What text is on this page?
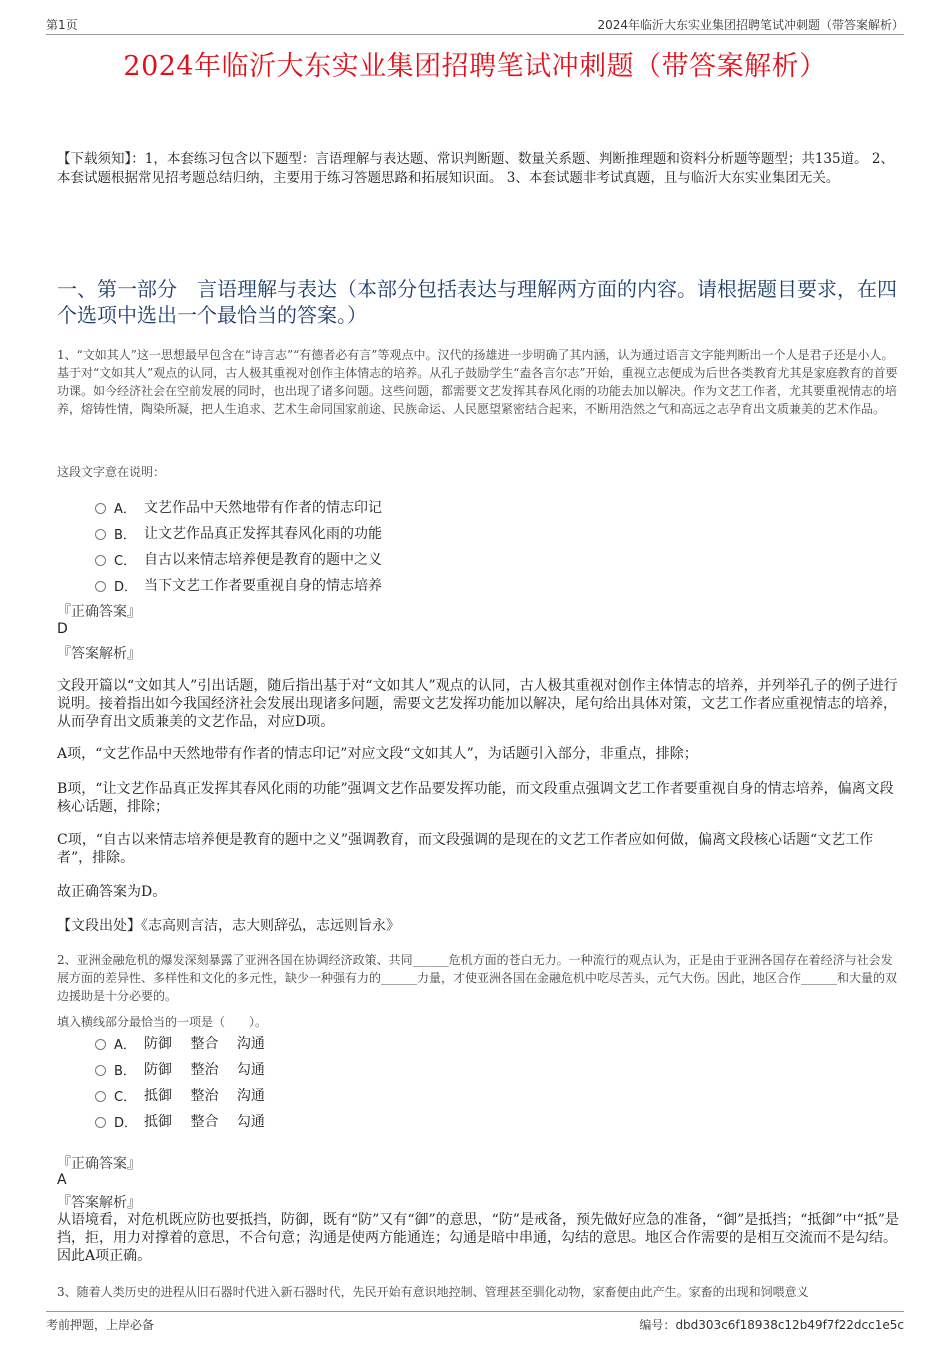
第1页	2024年临沂大东实业集团招聘笔试冲刺题（带答案解析）
2024年临沂大东实业集团招聘笔试冲刺题（带答案解析）
【下载须知】：1，本套练习包含以下题型：言语理解与表达题、常识判断题、数量关系题、判断推理题和资料分析题等题型；共135道。 2、本套试题根据常见招考题总结归纳，主要用于练习答题思路和拓展知识面。 3、本套试题非考试真题，且与临沂大东实业集团无关。
一、第一部分　言语理解与表达（本部分包括表达与理解两方面的内容。请根据题目要求，在四个选项中选出一个最恰当的答案。）
1、“文如其人”这一思想最早包含在“诗言志”“有德者必有言”等观点中。汉代的扬雄进一步明确了其内涵，认为通过语言文字能判断出一个人是君子还是小人。基于对“文如其人”观点的认同，古人极其重视对创作主体情志的培养。从孔子鼓励学生“盍各言尔志”开始，重视立志便成为后世各类教育尤其是家庭教育的首要功课。如今经济社会在空前发展的同时，也出现了诸多问题。这些问题，都需要文艺发挥其春风化雨的功能去加以解决。作为文艺工作者，尤其要重视情志的培养，熔铸性情，陶染所凝，把人生追求、艺术生命同国家前途、民族命运、人民愿望紧密结合起来，不断用浩然之气和高远之志孕育出文质兼美的艺术作品。
这段文字意在说明：
A． 文艺作品中天然地带有作者的情志印记
B． 让文艺作品真正发挥其春风化雨的功能
C． 自古以来情志培养便是教育的题中之义
D． 当下文艺工作者要重视自身的情志培养
『正确答案』
D
『答案解析』
文段开篇以“文如其人”引出话题，随后指出基于对“文如其人”观点的认同，古人极其重视对创作主体情志的培养，并列举孔子的例子进行说明。接着指出如今我国经济社会发展出现诸多问题，需要文艺发挥功能加以解决，尾句给出具体对策，文艺工作者应重视情志的培养，从而孕育出文质兼美的文艺作品，对应D项。
A项，“文艺作品中天然地带有作者的情志印记”对应文段“文如其人”，为话题引入部分，非重点，排除；
B项，“让文艺作品真正发挥其春风化雨的功能”强调文艺作品要发挥功能，而文段重点强调文艺工作者要重视自身的情志培养，偏离文段核心话题，排除；
C项，“自古以来情志培养便是教育的题中之义”强调教育，而文段强调的是现在的文艺工作者应如何做，偏离文段核心话题“文艺工作者”，排除。
故正确答案为D。
【文段出处】《志高则言洁，志大则辞弘，志远则旨永》
2、亚洲金融危机的爆发深刻暴露了亚洲各国在协调经济政策、共同______危机方面的苍白无力。一种流行的观点认为，正是由于亚洲各国存在着经济与社会发展方面的差异性、多样性和文化的多元性，缺少一种强有力的______力量，才使亚洲各国在金融危机中吃尽苦头，元气大伤。因此，地区合作______和大量的双边援助是十分必要的。
填入横线部分最恰当的一项是（　　）。
A． 防御　 整合　 沟通
B． 防御　 整治　 勾通
C． 抵御　 整治　 沟通
D． 抵御　 整合　 勾通
『正确答案』
A
『答案解析』
从语境看，对危机既应防也要抵挡，防御，既有“防”又有“御”的意思，“防”是戒备，预先做好应急的准备，“御”是抵挡；“抵御”中“抵”是挡，拒，用力对撑着的意思，不合句意；沟通是使两方能通连；勾通是暗中串通，勾结的意思。地区合作需要的是相互交流而不是勾结。因此A项正确。
3、随着人类历史的进程从旧石器时代进入新石器时代，先民开始有意识地控制、管理甚至驯化动物，家畜便由此产生。家畜的出现和饲喂意义
考前押题，上岸必备	编号：dbd303c6f18938c12b49f7f22dcc1e5c
